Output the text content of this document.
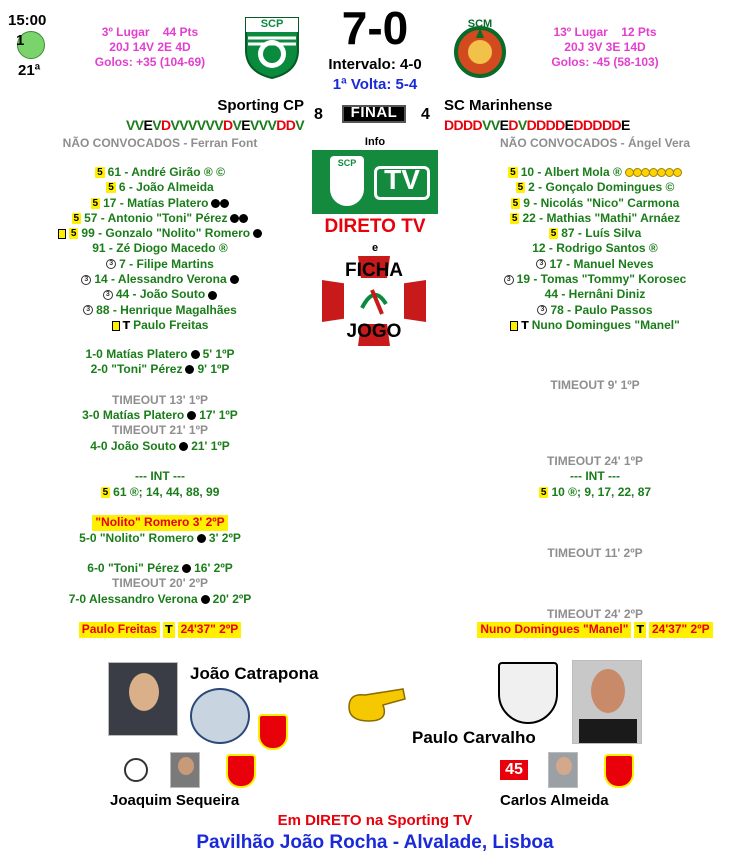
15:00
1
21ª
3º Lugar 44 Pts
20J 14V 2E 4D
Golos: +35 (104-69)
SCP	7-0
Intervalo: 4-0
1ª Volta: 5-4
SCM
13º Lugar 12 Pts
20J 3V 3E 14D
Golos: -45 (58-103)
Sporting CP
8	FINAL	4
SC Marinhense
VVEVDVVVVVVDVEVVVDDV	DDDDVVEDVDDDDEDDDDDE
NÃO CONVOCADOS - Ferran Font	Info	NÃO CONVOCADOS - Ángel Vera
SCP
TV
DIRETO TV
e
FICHA
JOGO
5 61 - André Girão ® ©
5 6 - João Almeida
5 17 - Matías Platero
5 57 - Antonio "Toni" Pérez
5 99 - Gonzalo "Nolito" Romero
91 - Zé Diogo Macedo ®
3 7 - Filipe Martins
3 14 - Alessandro Verona
3 44 - João Souto
3 88 - Henrique Magalhães
T Paulo Freitas
5 10 - Albert Mola ®
5 2 - Gonçalo Domingues ©
5 9 - Nicolás "Nico" Carmona
5 22 - Mathias "Mathi" Arnáez
5 87 - Luís Silva
12 - Rodrigo Santos ®
3 17 - Manuel Neves
3 19 - Tomas "Tommy" Korosec
44 - Hernâni Diniz
3 78 - Paulo Passos
T Nuno Domingues "Manel"
1-0 Matías Platero 5' 1ºP
2-0 "Toni" Pérez 9' 1ºP
TIMEOUT 13' 1ºP
3-0 Matías Platero 17' 1ºP
TIMEOUT 21' 1ºP
4-0 João Souto 21' 1ºP
--- INT ---
5 61 ®; 14, 44, 88, 99
"Nolito" Romero 3' 2ºP
5-0 "Nolito" Romero 3' 2ºP
6-0 "Toni" Pérez 16' 2ºP
TIMEOUT 20' 2ºP
7-0 Alessandro Verona 20' 2ºP
Paulo Freitas T 24'37" 2ºP
TIMEOUT 9' 1ºP
TIMEOUT 24' 1ºP
--- INT ---
5 10 ®; 9, 17, 22, 87
TIMEOUT 11' 2ºP
TIMEOUT 24' 2ºP
Nuno Domingues "Manel" T 24'37" 2ºP
João Catrapona
Paulo Carvalho
Joaquim Sequeira
45
Carlos Almeida
Em DIRETO na Sporting TV
Pavilhão João Rocha - Alvalade, Lisboa
